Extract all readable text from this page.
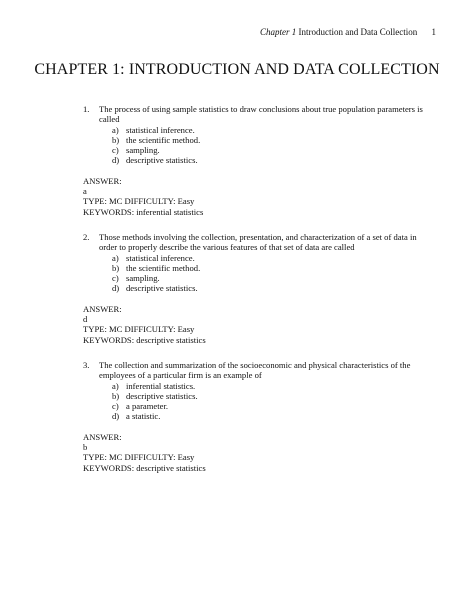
Chapter 1 Introduction and Data Collection 1
CHAPTER 1: INTRODUCTION AND DATA COLLECTION
1. The process of using sample statistics to draw conclusions about true population parameters is called
a) statistical inference.
b) the scientific method.
c) sampling.
d) descriptive statistics.
ANSWER:
a
TYPE: MC DIFFICULTY: Easy
KEYWORDS: inferential statistics
2. Those methods involving the collection, presentation, and characterization of a set of data in order to properly describe the various features of that set of data are called
a) statistical inference.
b) the scientific method.
c) sampling.
d) descriptive statistics.
ANSWER:
d
TYPE: MC DIFFICULTY: Easy
KEYWORDS: descriptive statistics
3. The collection and summarization of the socioeconomic and physical characteristics of the employees of a particular firm is an example of
a) inferential statistics.
b) descriptive statistics.
c) a parameter.
d) a statistic.
ANSWER:
b
TYPE: MC DIFFICULTY: Easy
KEYWORDS: descriptive statistics
